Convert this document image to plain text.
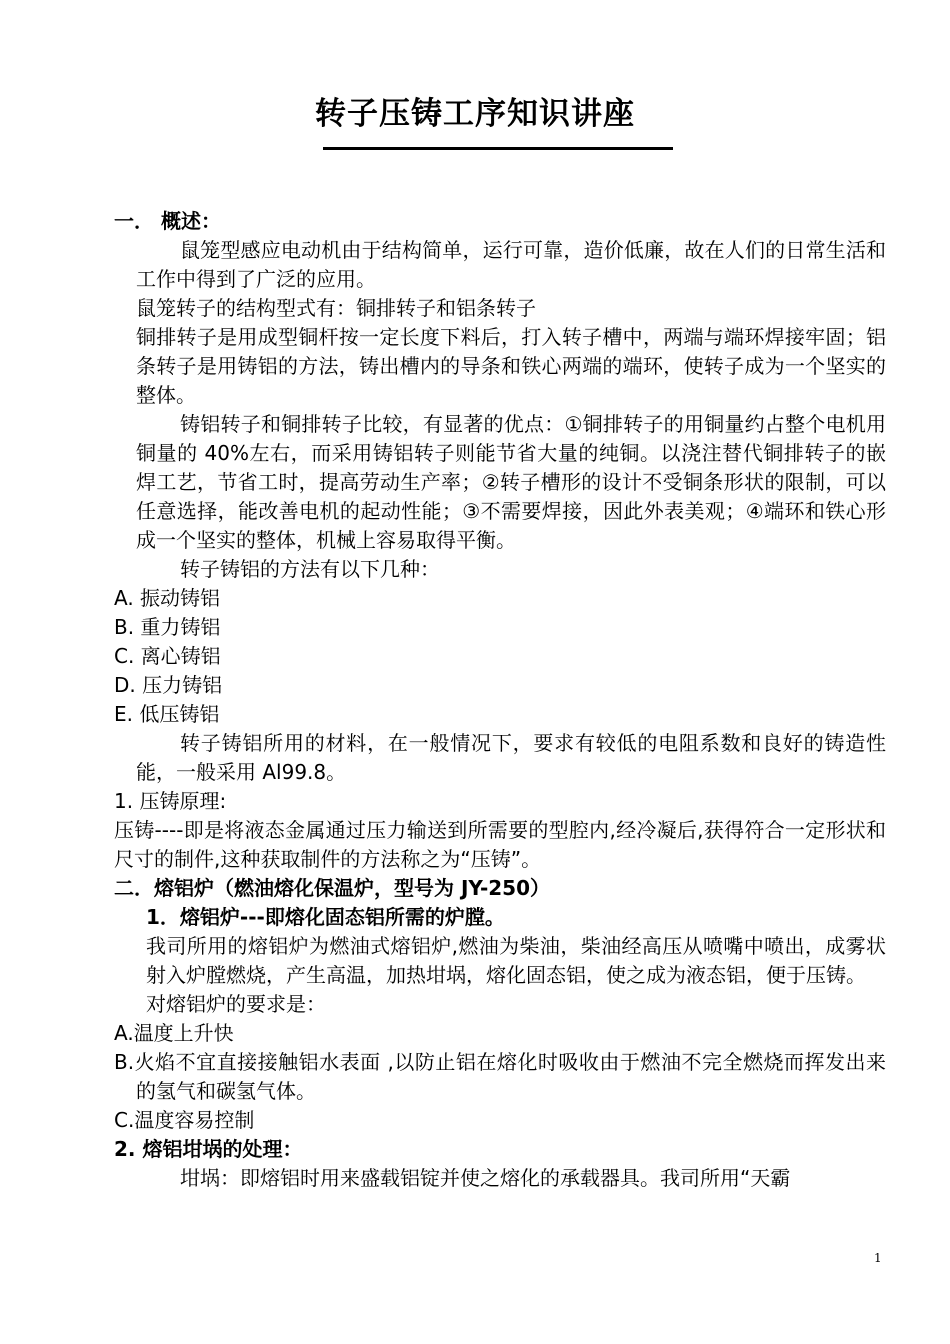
转子压铸工序知识讲座

一． 概述：

鼠笼型感应电动机由于结构简单，运行可靠，造价低廉，故在人们的日常生活和工作中得到了广泛的应用。

鼠笼转子的结构型式有：铜排转子和铝条转子

铜排转子是用成型铜杆按一定长度下料后，打入转子槽中，两端与端环焊接牢固；铝条转子是用铸铝的方法，铸出槽内的导条和铁心两端的端环，使转子成为一个坚实的整体。

铸铝转子和铜排转子比较，有显著的优点：①铜排转子的用铜量约占整个电机用铜量的 40%左右，而采用铸铝转子则能节省大量的纯铜。以浇注替代铜排转子的嵌焊工艺，节省工时，提高劳动生产率；②转子槽形的设计不受铜条形状的限制，可以任意选择，能改善电机的起动性能；③不需要焊接，因此外表美观；④端环和铁心形成一个坚实的整体，机械上容易取得平衡。

转子铸铝的方法有以下几种：

A. 振动铸铝

B. 重力铸铝

C. 离心铸铝

D. 压力铸铝

E. 低压铸铝

转子铸铝所用的材料，在一般情况下，要求有较低的电阻系数和良好的铸造性能，一般采用 Al99.8。

1. 压铸原理:

压铸----即是将液态金属通过压力输送到所需要的型腔内,经冷凝后,获得符合一定形状和尺寸的制件,这种获取制件的方法称之为“压铸”。

二．熔铝炉（燃油熔化保温炉，型号为 JY-250）

1．熔铝炉---即熔化固态铝所需的炉膛。

我司所用的熔铝炉为燃油式熔铝炉,燃油为柴油，柴油经高压从喷嘴中喷出，成雾状射入炉膛燃烧，产生高温，加热坩埚，熔化固态铝，使之成为液态铝，便于压铸。

对熔铝炉的要求是：

A.温度上升快

B.火焰不宜直接接触铝水表面 ,以防止铝在熔化时吸收由于燃油不完全燃烧而挥发出来的氢气和碳氢气体。

C.温度容易控制

2. 熔铝坩埚的处理：

坩埚：即熔铝时用来盛载铝锭并使之熔化的承载器具。我司所用“天霸

1
